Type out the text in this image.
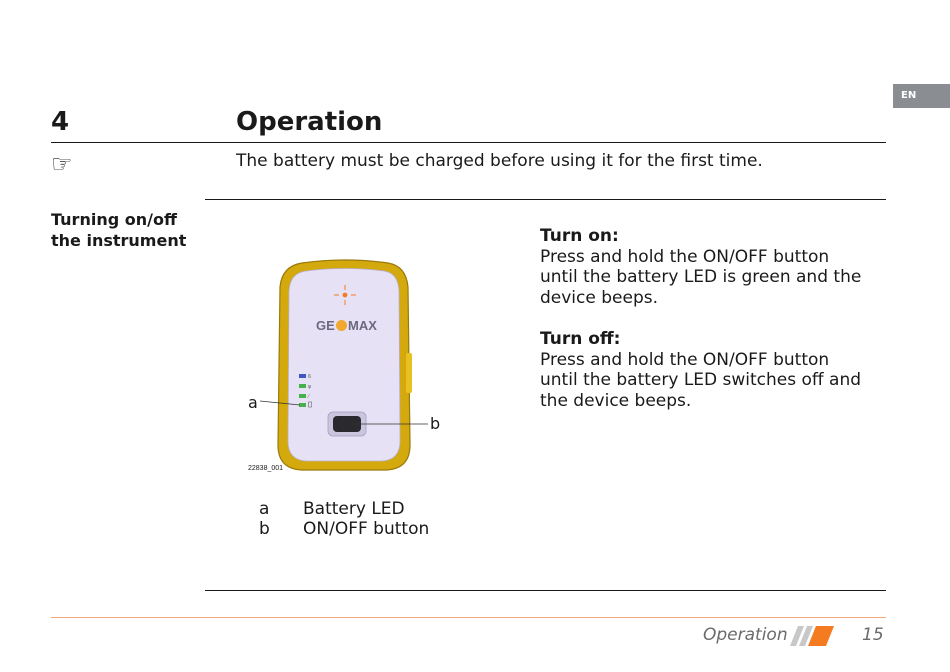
EN
4	Operation
☞	The battery must be charged before using it for the first time.
Turning on/off
the instrument
GE MAX
ß
ψ
⁄
a
b
22838_001
a Battery LED
b ON/OFF button
Turn on:
Press and hold the ON/OFF button
until the battery LED is green and the
device beeps.
Turn off:
Press and hold the ON/OFF button
until the battery LED switches off and
the device beeps.
Operation	15
